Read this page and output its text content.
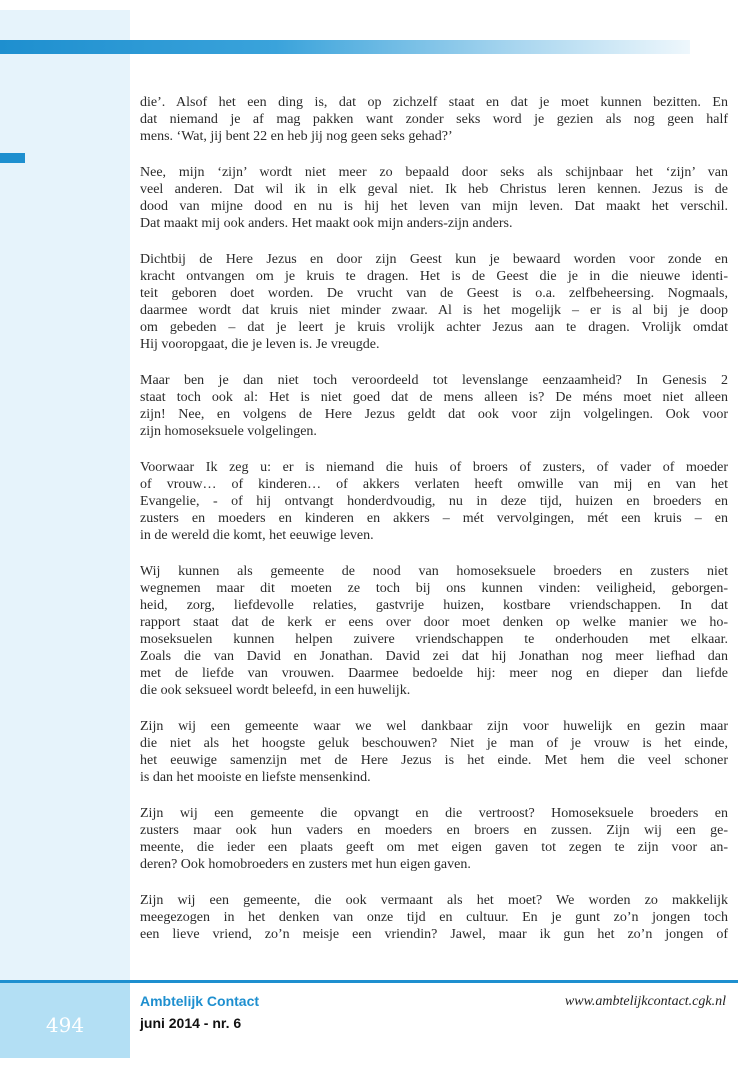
die’. Alsof het een ding is, dat op zichzelf staat en dat je moet kunnen bezitten. En
dat niemand je af mag pakken want zonder seks word je gezien als nog geen half
mens. ‘Wat, jij bent 22 en heb jij nog geen seks gehad?’
Nee, mijn ‘zijn’ wordt niet meer zo bepaald door seks als schijnbaar het ‘zijn’ van
veel anderen. Dat wil ik in elk geval niet. Ik heb Christus leren kennen. Jezus is de
dood van mijne dood en nu is hij het leven van mijn leven. Dat maakt het verschil.
Dat maakt mij ook anders. Het maakt ook mijn anders-zijn anders.
Dichtbij de Here Jezus en door zijn Geest kun je bewaard worden voor zonde en
kracht ontvangen om je kruis te dragen. Het is de Geest die je in die nieuwe identi-
teit geboren doet worden. De vrucht van de Geest is o.a. zelfbeheersing. Nogmaals,
daarmee wordt dat kruis niet minder zwaar. Al is het mogelijk – er is al bij je doop
om gebeden – dat je leert je kruis vrolijk achter Jezus aan te dragen. Vrolijk omdat
Hij vooropgaat, die je leven is. Je vreugde.
Maar ben je dan niet toch veroordeeld tot levenslange eenzaamheid? In Genesis 2
staat toch ook al: Het is niet goed dat de mens alleen is? De méns moet niet alleen
zijn! Nee, en volgens de Here Jezus geldt dat ook voor zijn volgelingen. Ook voor
zijn homoseksuele volgelingen.
Voorwaar Ik zeg u: er is niemand die huis of broers of zusters, of vader of moeder
of vrouw… of kinderen… of akkers verlaten heeft omwille van mij en van het
Evangelie, - of hij ontvangt honderdvoudig, nu in deze tijd, huizen en broeders en
zusters en moeders en kinderen en akkers – mét vervolgingen, mét een kruis – en
in de wereld die komt, het eeuwige leven.
Wij kunnen als gemeente de nood van homoseksuele broeders en zusters niet
wegnemen maar dit moeten ze toch bij ons kunnen vinden: veiligheid, geborgen-
heid, zorg, liefdevolle relaties, gastvrije huizen, kostbare vriendschappen. In dat
rapport staat dat de kerk er eens over door moet denken op welke manier we ho-
moseksuelen kunnen helpen zuivere vriendschappen te onderhouden met elkaar.
Zoals die van David en Jonathan. David zei dat hij Jonathan nog meer liefhad dan
met de liefde van vrouwen. Daarmee bedoelde hij: meer nog en dieper dan liefde
die ook seksueel wordt beleefd, in een huwelijk.
Zijn wij een gemeente waar we wel dankbaar zijn voor huwelijk en gezin maar
die niet als het hoogste geluk beschouwen? Niet je man of je vrouw is het einde,
het eeuwige samenzijn met de Here Jezus is het einde. Met hem die veel schoner
is dan het mooiste en liefste mensenkind.
Zijn wij een gemeente die opvangt en die vertroost? Homoseksuele broeders en
zusters maar ook hun vaders en moeders en broers en zussen. Zijn wij een ge-
meente, die ieder een plaats geeft om met eigen gaven tot zegen te zijn voor an-
deren? Ook homobroeders en zusters met hun eigen gaven.
Zijn wij een gemeente, die ook vermaant als het moet? We worden zo makkelijk
meegezogen in het denken van onze tijd en cultuur. En je gunt zo’n jongen toch
een lieve vriend, zo’n meisje een vriendin? Jawel, maar ik gun het zo’n jongen of
494
Ambtelijk Contact
juni 2014 - nr. 6
www.ambtelijkcontact.cgk.nl
